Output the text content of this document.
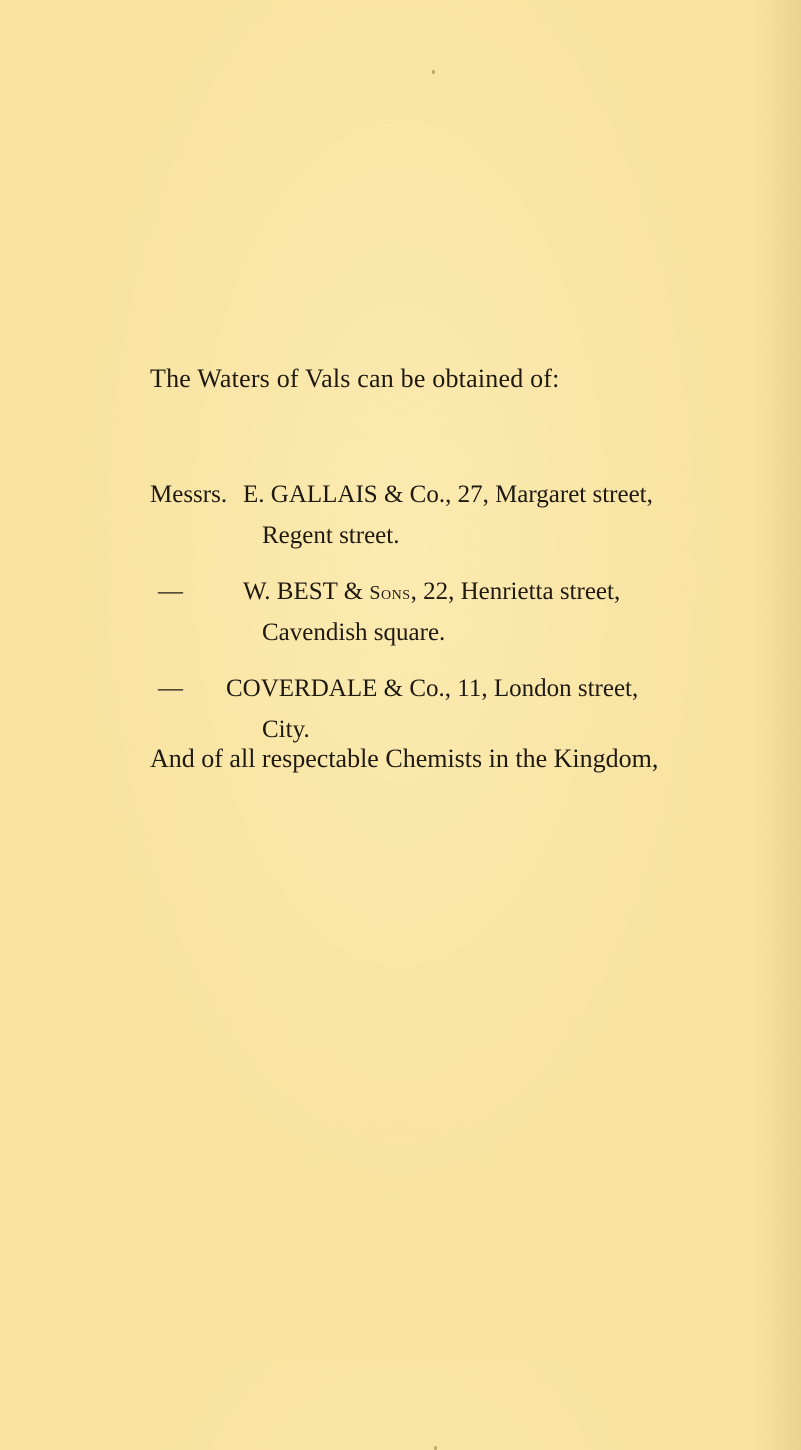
The Waters of Vals can be obtained of:
Messrs. E. GALLAIS & Co., 27, Margaret street,
Regent street.
— W. BEST & Sons, 22, Henrietta street,
Cavendish square.
— COVERDALE & Co., 11, London street,
City.
And of all respectable Chemists in the Kingdom,
